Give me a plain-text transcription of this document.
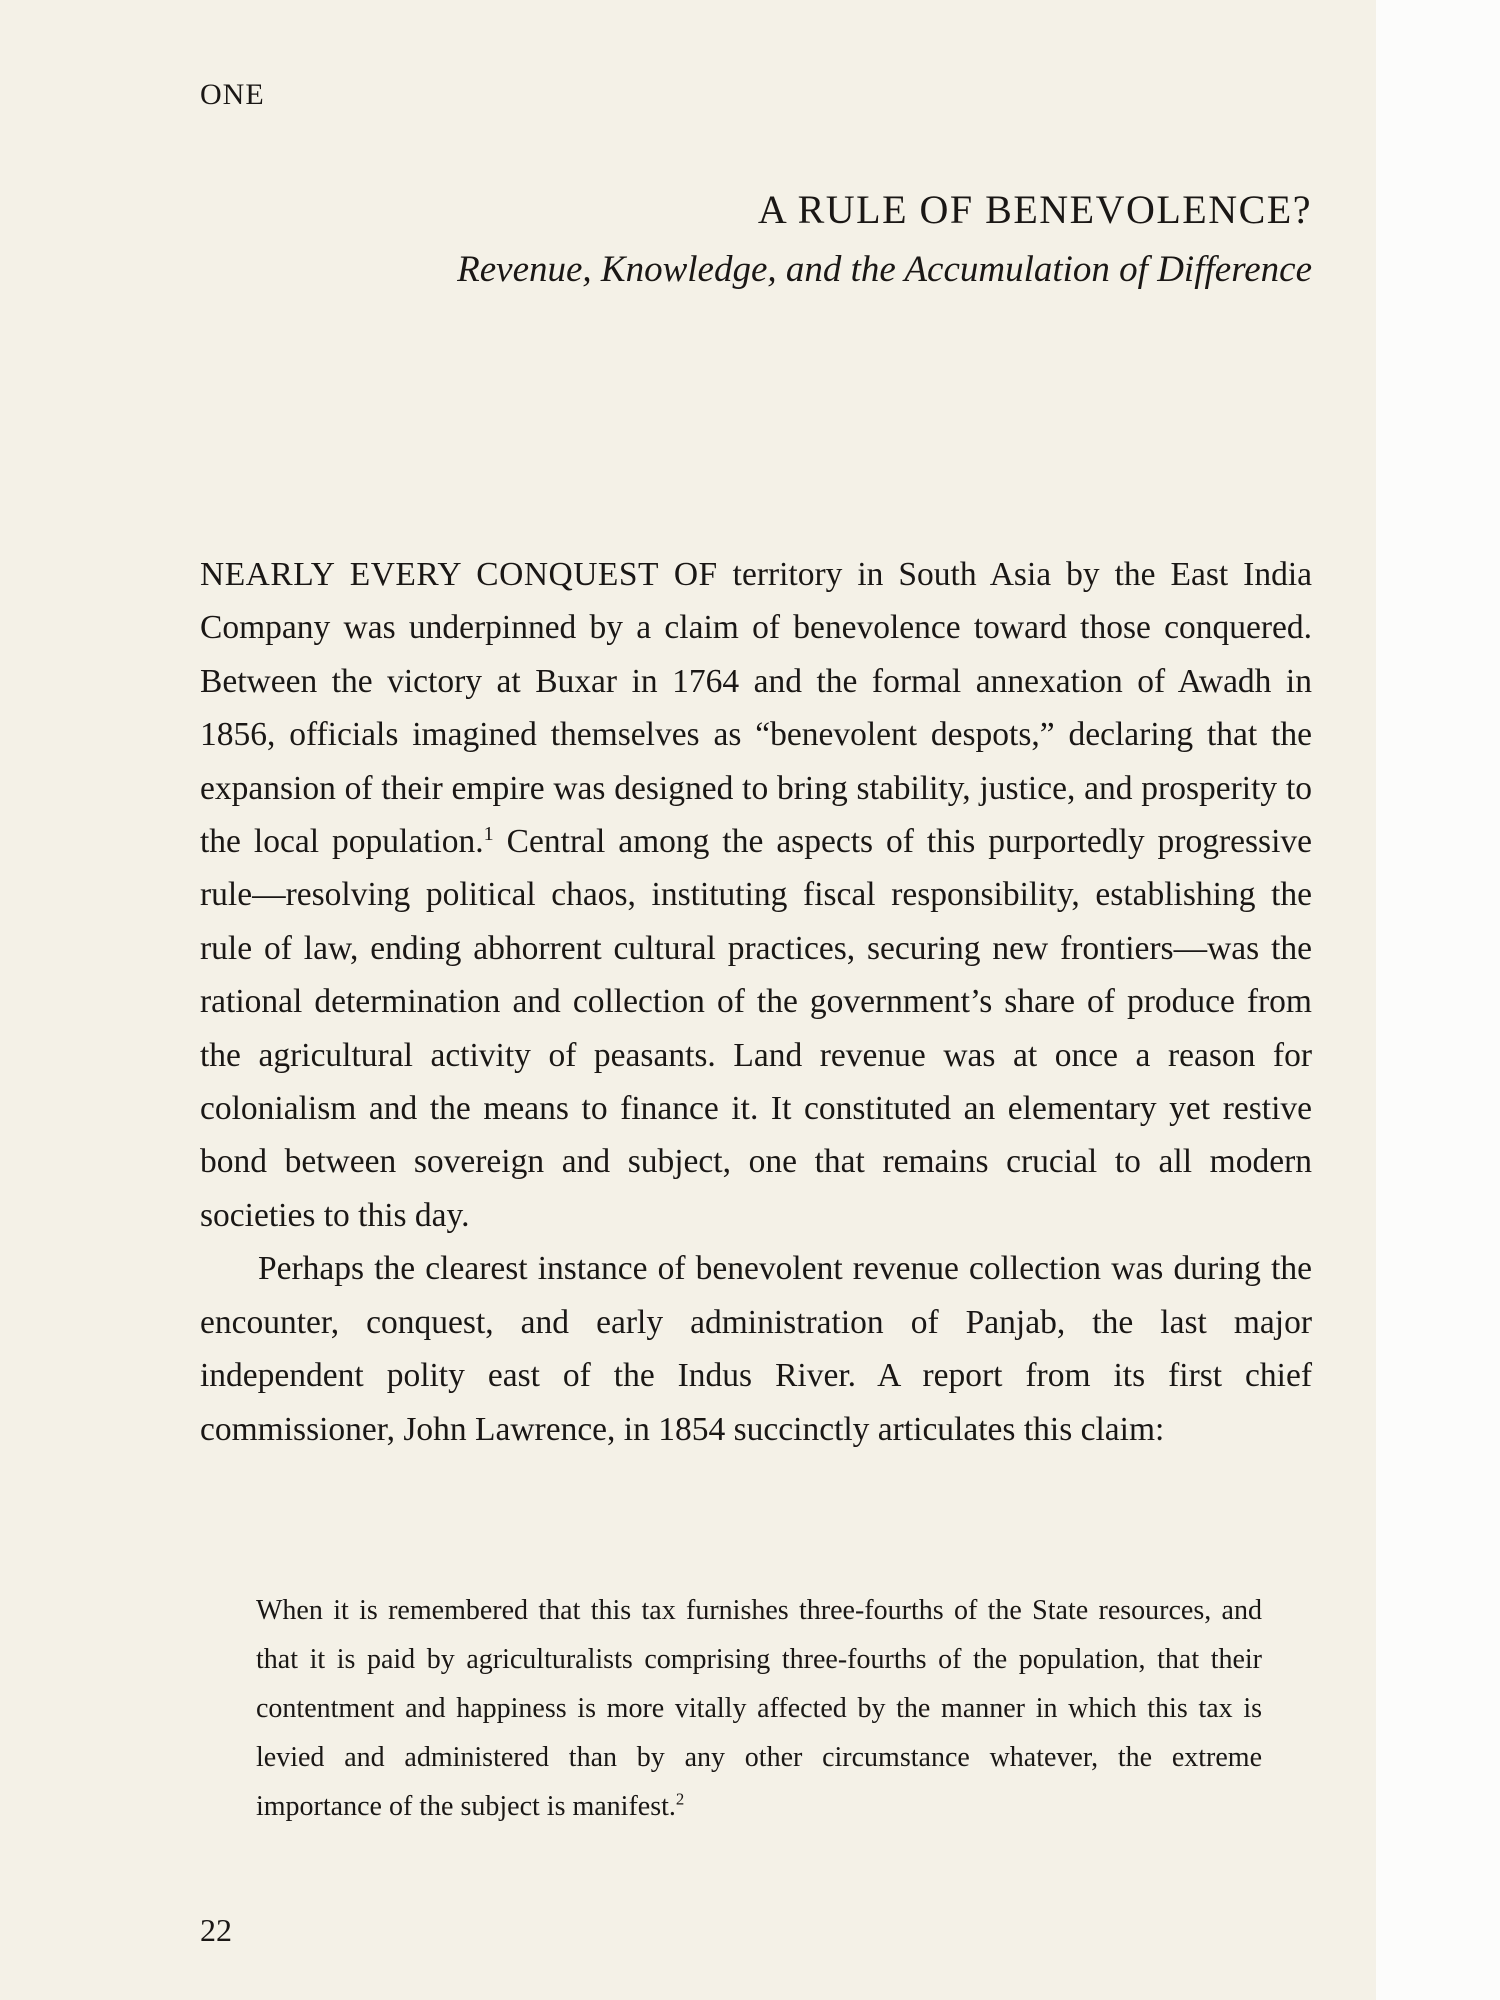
ONE
A RULE OF BENEVOLENCE?
Revenue, Knowledge, and the Accumulation of Difference

NEARLY EVERY CONQUEST OF territory in South Asia by the East India Company was underpinned by a claim of benevolence toward those conquered. Between the victory at Buxar in 1764 and the formal annexation of Awadh in 1856, officials imagined themselves as “benevolent despots,” declaring that the expansion of their empire was designed to bring stability, justice, and prosperity to the local population.$^1$ Central among the aspects of this purportedly progressive rule—resolving political chaos, instituting fiscal responsibility, establishing the rule of law, ending abhorrent cultural practices, securing new frontiers—was the rational determination and collection of the government’s share of produce from the agricultural activity of peasants. Land revenue was at once a reason for colonialism and the means to finance it. It constituted an elementary yet restive bond between sovereign and subject, one that remains crucial to all modern societies to this day.

Perhaps the clearest instance of benevolent revenue collection was during the encounter, conquest, and early administration of Panjab, the last major independent polity east of the Indus River. A report from its first chief commissioner, John Lawrence, in 1854 succinctly articulates this claim:

When it is remembered that this tax furnishes three-fourths of the State resources, and that it is paid by agriculturalists comprising three-fourths of the population, that their contentment and happiness is more vitally affected by the manner in which this tax is levied and administered than by any other circumstance whatever, the extreme importance of the subject is manifest.$^2$
22
